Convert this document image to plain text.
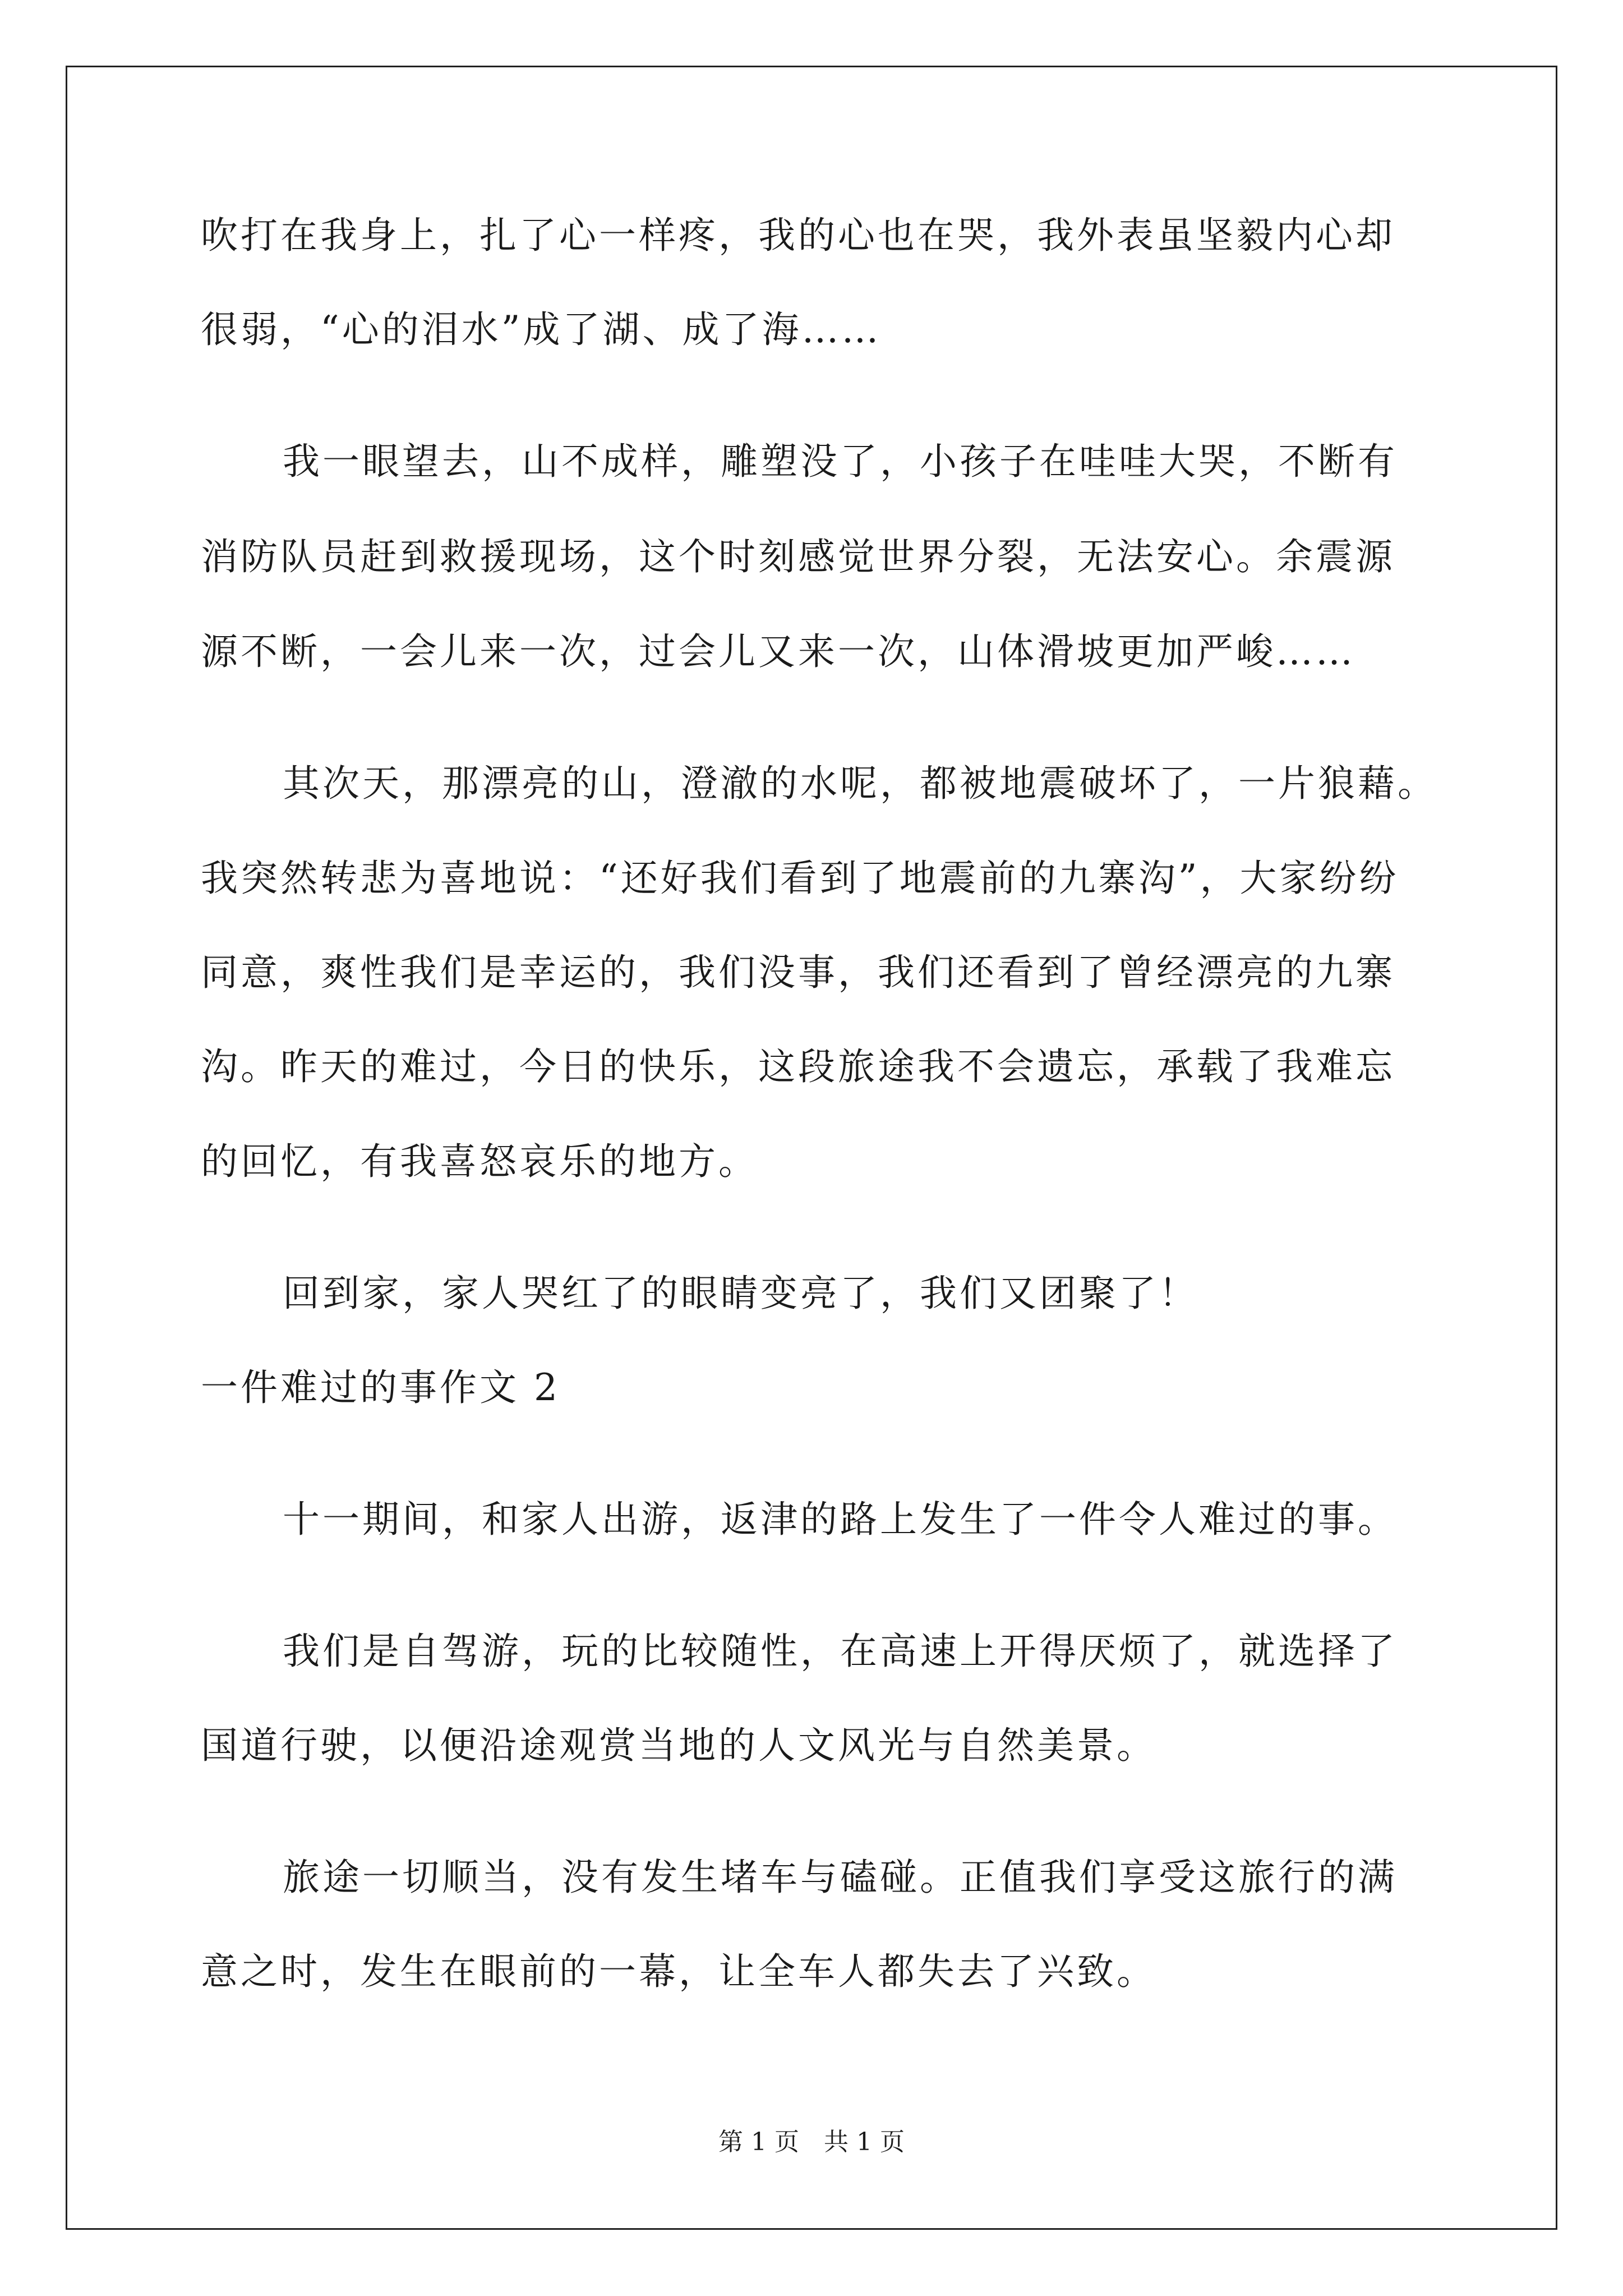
吹打在我身上，扎了心一样疼，我的心也在哭，我外表虽坚毅内心却
很弱，“心的泪水”成了湖、成了海……
我一眼望去，山不成样，雕塑没了，小孩子在哇哇大哭，不断有
消防队员赶到救援现场，这个时刻感觉世界分裂，无法安心。余震源
源不断，一会儿来一次，过会儿又来一次，山体滑坡更加严峻……
其次天，那漂亮的山，澄澈的水呢，都被地震破坏了，一片狼藉。
我突然转悲为喜地说：“还好我们看到了地震前的九寨沟”，大家纷纷
同意，爽性我们是幸运的，我们没事，我们还看到了曾经漂亮的九寨
沟。昨天的难过，今日的快乐，这段旅途我不会遗忘，承载了我难忘
的回忆，有我喜怒哀乐的地方。
回到家，家人哭红了的眼睛变亮了，我们又团聚了！
一件难过的事作文 2
十一期间，和家人出游，返津的路上发生了一件令人难过的事。
我们是自驾游，玩的比较随性，在高速上开得厌烦了，就选择了
国道行驶，以便沿途观赏当地的人文风光与自然美景。
旅途一切顺当，没有发生堵车与磕碰。正值我们享受这旅行的满
意之时，发生在眼前的一幕，让全车人都失去了兴致。
第 1 页　共 1 页
